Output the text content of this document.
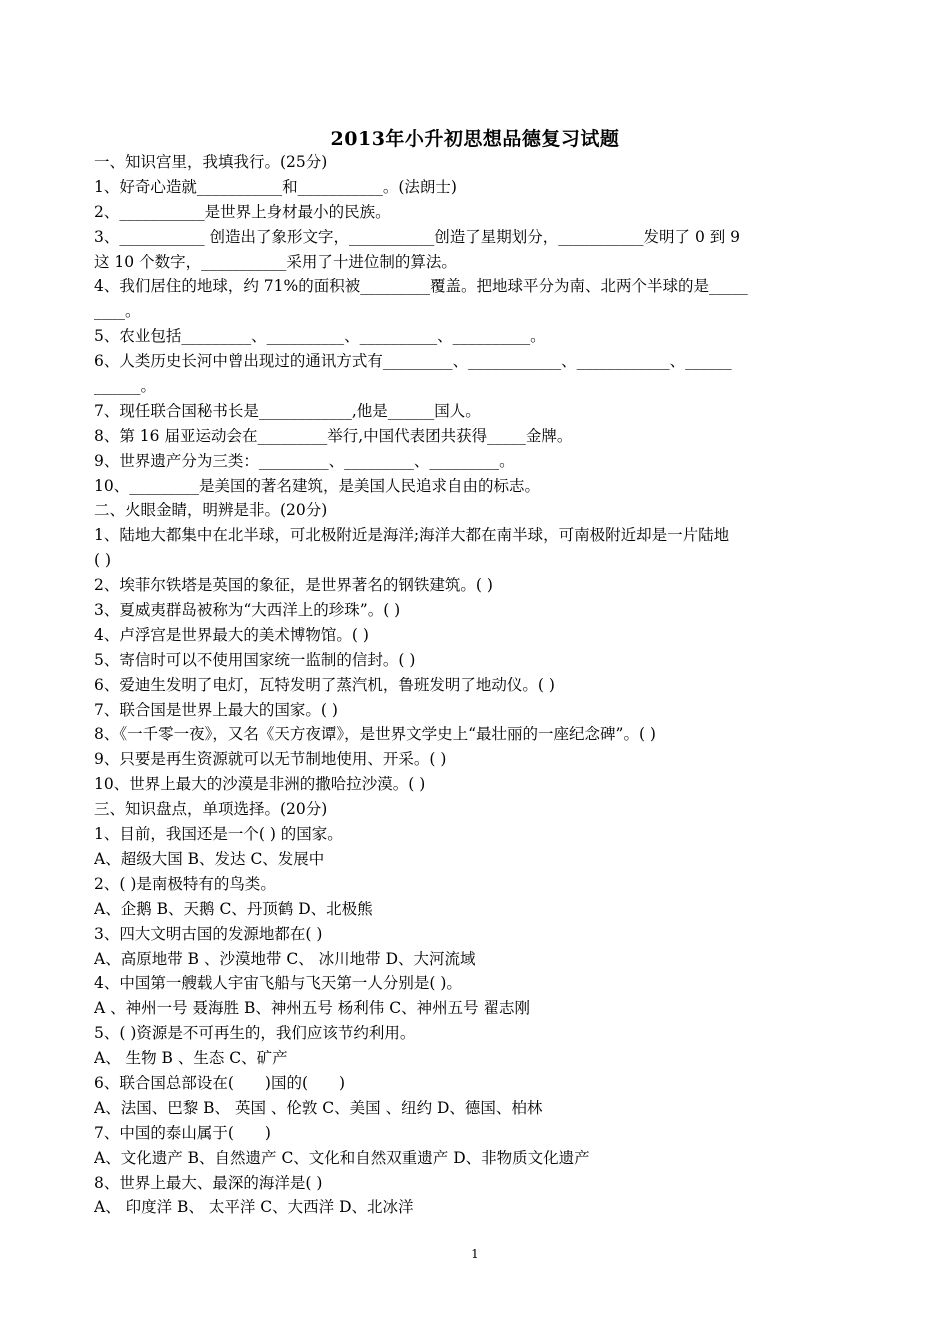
2013年小升初思想品德复习试题
一、知识宫里，我填我行。(25分)
1、好奇心造就___________和___________。(法朗士)
2、___________是世界上身材最小的民族。
3、___________ 创造出了象形文字，___________创造了星期划分，___________发明了 0 到 9
这 10 个数字，___________采用了十进位制的算法。
4、我们居住的地球，约 71%的面积被_________覆盖。把地球平分为南、北两个半球的是_____
____。
5、农业包括_________、__________、__________、__________。
6、人类历史长河中曾出现过的通讯方式有_________、____________、____________、______
______。
7、现任联合国秘书长是____________,他是______国人。
8、第 16 届亚运动会在_________举行,中国代表团共获得_____金牌。
9、世界遗产分为三类：_________、_________、_________。
10、_________是美国的著名建筑，是美国人民追求自由的标志。
二、火眼金睛，明辨是非。(20分)
1、陆地大都集中在北半球，可北极附近是海洋;海洋大都在南半球，可南极附近却是一片陆地
( )
2、埃菲尔铁塔是英国的象征，是世界著名的钢铁建筑。( )
3、夏威夷群岛被称为“大西洋上的珍珠”。( )
4、卢浮宫是世界最大的美术博物馆。( )
5、寄信时可以不使用国家统一监制的信封。( )
6、爱迪生发明了电灯，瓦特发明了蒸汽机，鲁班发明了地动仪。( )
7、联合国是世界上最大的国家。( )
8、《一千零一夜》，又名《天方夜谭》，是世界文学史上“最壮丽的一座纪念碑”。( )
9、只要是再生资源就可以无节制地使用、开采。( )
10、世界上最大的沙漠是非洲的撒哈拉沙漠。( )
三、知识盘点，单项选择。(20分)
1、目前，我国还是一个( ) 的国家。
A、超级大国 B、发达 C、发展中
2、( )是南极特有的鸟类。
A、企鹅 B、天鹅 C、丹顶鹤 D、北极熊
3、四大文明古国的发源地都在( )
A、高原地带 B 、沙漠地带 C、 冰川地带 D、大河流域
4、中国第一艘载人宇宙飞船与飞天第一人分别是( )。
A 、神州一号 聂海胜 B、神州五号 杨利伟 C、神州五号 翟志刚
5、( )资源是不可再生的，我们应该节约利用。
A、 生物 B 、生态 C、矿产
6、联合国总部设在(　　)国的(　　)
A、法国、巴黎 B、 英国 、伦敦 C、美国 、纽约 D、德国、柏林
7、中国的泰山属于(　　)
A、文化遗产 B、自然遗产 C、文化和自然双重遗产 D、非物质文化遗产
8、世界上最大、最深的海洋是( )
A、 印度洋 B、 太平洋 C、大西洋 D、北冰洋
1
